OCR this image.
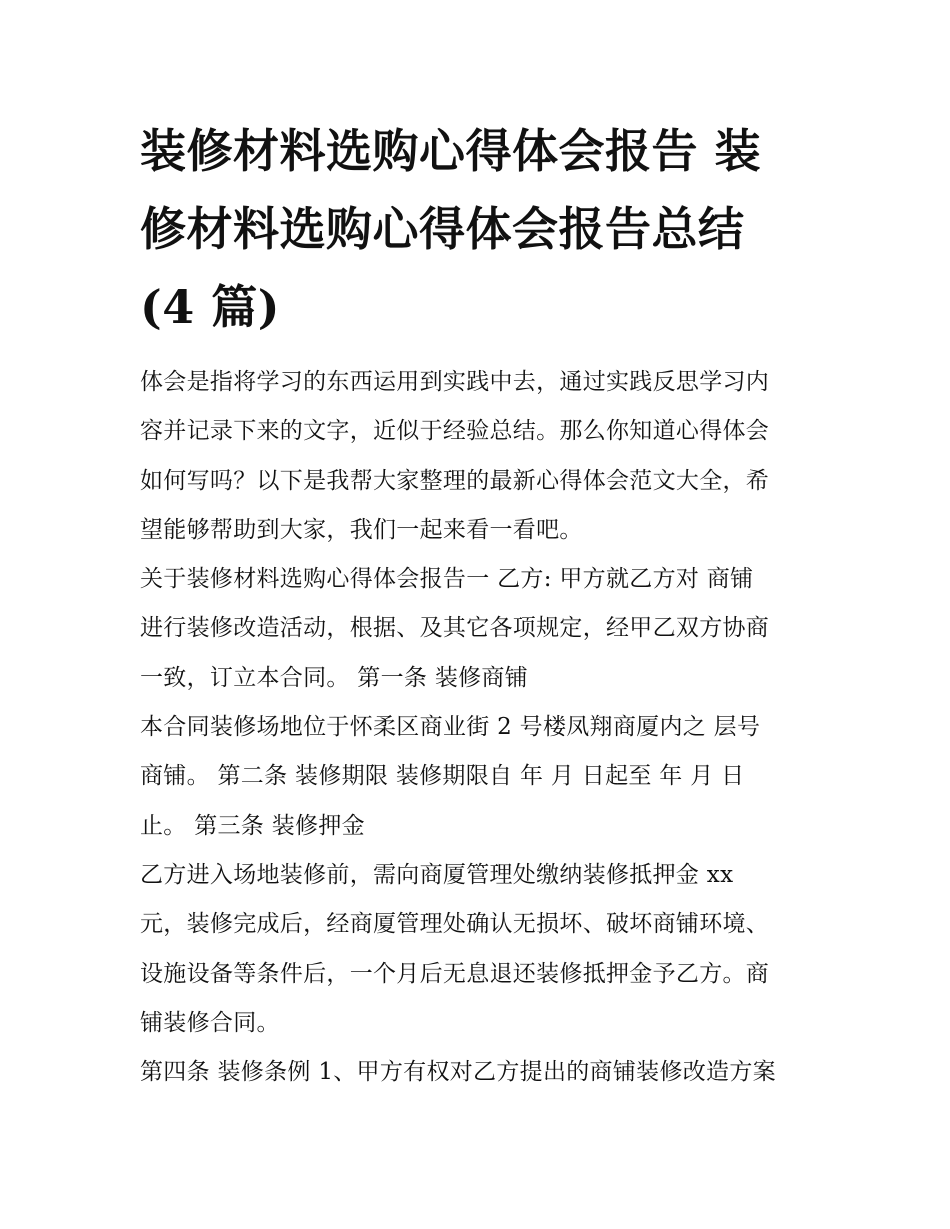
装修材料选购心得体会报告 装
修材料选购心得体会报告总结
(4 篇)
体会是指将学习的东西运用到实践中去，通过实践反思学习内
容并记录下来的文字，近似于经验总结。那么你知道心得体会
如何写吗？以下是我帮大家整理的最新心得体会范文大全，希
望能够帮助到大家，我们一起来看一看吧。
关于装修材料选购心得体会报告一 乙方: 甲方就乙方对 商铺
进行装修改造活动，根据、及其它各项规定，经甲乙双方协商
一致，订立本合同。 第一条 装修商铺
本合同装修场地位于怀柔区商业街 2 号楼凤翔商厦内之 层号
商铺。 第二条 装修期限 装修期限自 年 月 日起至 年 月 日
止。 第三条 装修押金
乙方进入场地装修前，需向商厦管理处缴纳装修抵押金 xx
元，装修完成后，经商厦管理处确认无损坏、破坏商铺环境、
设施设备等条件后，一个月后无息退还装修抵押金予乙方。商
铺装修合同。
第四条 装修条例 1、甲方有权对乙方提出的商铺装修改造方案
